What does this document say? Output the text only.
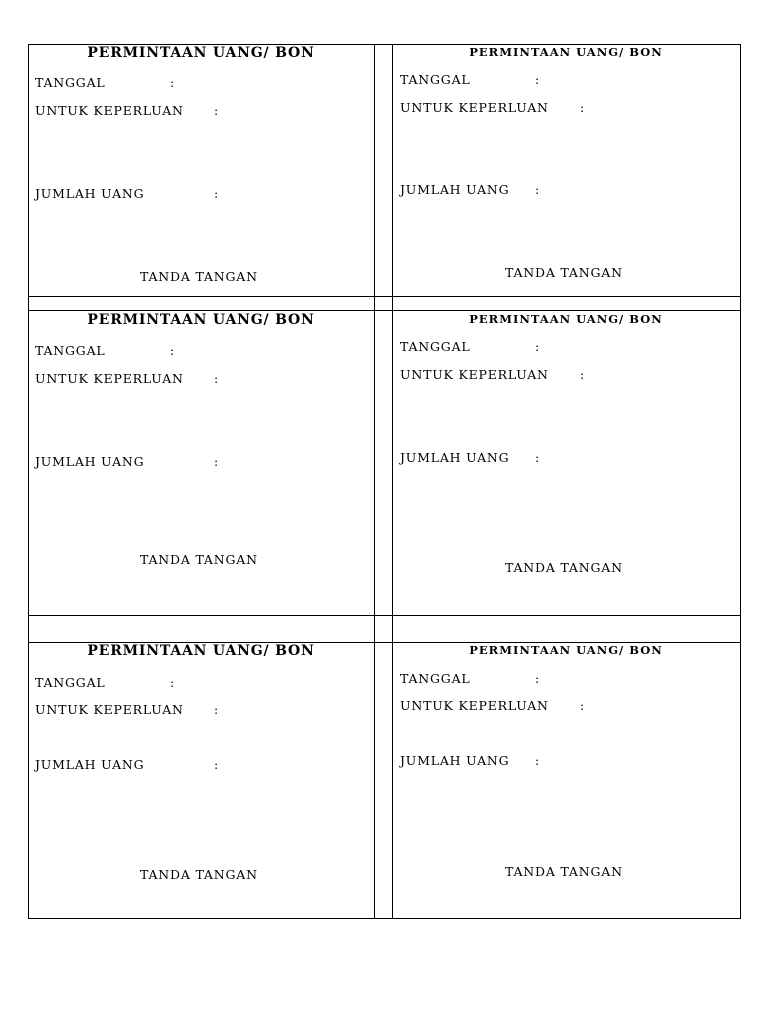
PERMINTAAN UANG/ BON
TANGGAL	:
UNTUK KEPERLUAN :
JUMLAH UANG	:
TANDA TANGAN
PERMINTAAN UANG/ BON
TANGGAL	:
UNTUK KEPERLUAN :
JUMLAH UANG :
TANDA TANGAN
PERMINTAAN UANG/ BON
TANGGAL	:
UNTUK KEPERLUAN :
JUMLAH UANG	:
TANDA TANGAN
PERMINTAAN UANG/ BON
TANGGAL	:
UNTUK KEPERLUAN :
JUMLAH UANG :
TANDA TANGAN
PERMINTAAN UANG/ BON
TANGGAL	:
UNTUK KEPERLUAN :
JUMLAH UANG	:
TANDA TANGAN
PERMINTAAN UANG/ BON
TANGGAL	:
UNTUK KEPERLUAN :
JUMLAH UANG :
TANDA TANGAN
